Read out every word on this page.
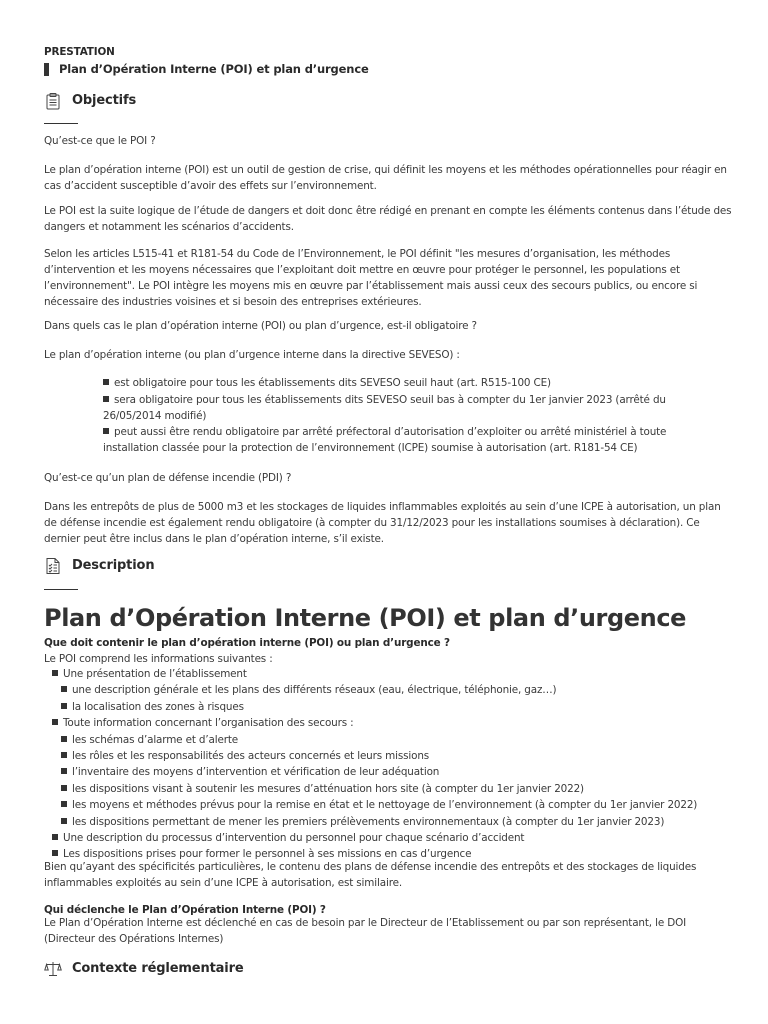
PRESTATION
Plan d’Opération Interne (POI) et plan d’urgence
Objectifs

Qu’est-ce que le POI ?

Le plan d’opération interne (POI) est un outil de gestion de crise, qui définit les moyens et les méthodes opérationnelles pour réagir en cas d’accident susceptible d’avoir des effets sur l’environnement.

Le POI est la suite logique de l’étude de dangers et doit donc être rédigé en prenant en compte les éléments contenus dans l’étude des dangers et notamment les scénarios d’accidents.

Selon les articles L515-41 et R181-54 du Code de l’Environnement, le POI définit "les mesures d’organisation, les méthodes d’intervention et les moyens nécessaires que l’exploitant doit mettre en œuvre pour protéger le personnel, les populations et l’environnement". Le POI intègre les moyens mis en œuvre par l’établissement mais aussi ceux des secours publics, ou encore si nécessaire des industries voisines et si besoin des entreprises extérieures.

Dans quels cas le plan d’opération interne (POI) ou plan d’urgence, est-il obligatoire ?

Le plan d’opération interne (ou plan d’urgence interne dans la directive SEVESO) :

est obligatoire pour tous les établissements dits SEVESO seuil haut (art. R515-100 CE)

sera obligatoire pour tous les établissements dits SEVESO seuil bas à compter du 1er janvier 2023 (arrêté du 26/05/2014 modifié)

peut aussi être rendu obligatoire par arrêté préfectoral d’autorisation d’exploiter ou arrêté ministériel à toute installation classée pour la protection de l’environnement (ICPE) soumise à autorisation (art. R181-54 CE)

Qu’est-ce qu’un plan de défense incendie (PDI) ?

Dans les entrepôts de plus de 5000 m3 et les stockages de liquides inflammables exploités au sein d’une ICPE à autorisation, un plan de défense incendie est également rendu obligatoire (à compter du 31/12/2023 pour les installations soumises à déclaration). Ce dernier peut être inclus dans le plan d’opération interne, s’il existe.

Description
Plan d’Opération Interne (POI) et plan d’urgence

Que doit contenir le plan d’opération interne (POI) ou plan d’urgence ?

Le POI comprend les informations suivantes :

Une présentation de l’établissement

une description générale et les plans des différents réseaux (eau, électrique, téléphonie, gaz…)

la localisation des zones à risques

Toute information concernant l’organisation des secours :

les schémas d’alarme et d’alerte

les rôles et les responsabilités des acteurs concernés et leurs missions

l’inventaire des moyens d’intervention et vérification de leur adéquation

les dispositions visant à soutenir les mesures d’atténuation hors site (à compter du 1er janvier 2022)

les moyens et méthodes prévus pour la remise en état et le nettoyage de l’environnement (à compter du 1er janvier 2022)

les dispositions permettant de mener les premiers prélèvements environnementaux (à compter du 1er janvier 2023)

Une description du processus d’intervention du personnel pour chaque scénario d’accident

Les dispositions prises pour former le personnel à ses missions en cas d’urgence

Bien qu’ayant des spécificités particulières, le contenu des plans de défense incendie des entrepôts et des stockages de liquides inflammables exploités au sein d’une ICPE à autorisation, est similaire.

Qui déclenche le Plan d’Opération Interne (POI) ?

Le Plan d’Opération Interne est déclenché en cas de besoin par le Directeur de l’Etablissement ou par son représentant, le DOI (Directeur des Opérations Internes)

Contexte réglementaire
